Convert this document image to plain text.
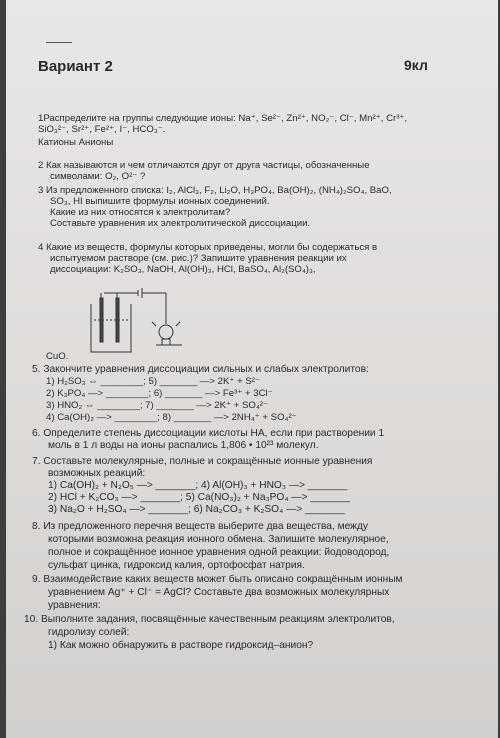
Вариант 2	9кл
1Распределите на группы следующие ионы: Na⁺, Se²⁻, Zn²⁺, NO₂⁻, Cl⁻, Mn²⁺, Cr³⁺,
SiO₃²⁻, Sr²⁺, Fe²⁺, I⁻, HCO₃⁻.
Катионы Анионы
2 Как называются и чем отличаются друг от друга частицы, обозначенные
символами: O₂, O²⁻ ?
3 Из предложенного списка: I₂, AlCl₃, F₂, Li₂O, H₃PO₄, Ba(OH)₂, (NH₄)₂SO₄, BaO,
SO₃, HI выпишите формулы ионных соединений.
Какие из них относятся к электролитам?
Составьте уравнения их электролитической диссоциации.
4 Какие из веществ, формулы которых приведены, могли бы содержаться в
испытуемом растворе (см. рис.)? Запишите уравнения реакции их
диссоциации: K₂SO₃, NaOH, Al(OH)₃, HCl, BaSO₄, Al₂(SO₄)₃,
CuO.
5. Закончите уравнения диссоциации сильных и слабых электролитов:
1) H₂SO₃ ⇔ ________; 5) _______ —> 2K⁺ + S²⁻
2) K₃PO₄ —> ________; 6) _______ —> Fe³⁺ + 3Cl⁻
3) HNO₂ ⇔ ________; 7) _______ —> 2K⁺ + SO₄²⁻
4) Ca(OH)₂ —> ________; 8) _______ —> 2NH₄⁺ + SO₄²⁻
6. Определите степень диссоциации кислоты HA, если при растворении 1
моль в 1 л воды на ионы распались 1,806 • 10²³ молекул.
7. Составьте молекулярные, полные и сокращённые ионные уравнения
возможных реакций:
1) Ca(OH)₂ + N₂O₅ —> _______; 4) Al(OH)₃ + HNO₃ —> _______
2) HCl + K₂CO₃ —> _______; 5) Ca(NO₃)₂ + Na₃PO₄ —> _______
3) Na₂O + H₂SO₄ —> _______; 6) Na₂CO₃ + K₂SO₄ —> _______
8. Из предложенного перечня веществ выберите два вещества, между
которыми возможна реакция ионного обмена. Запишите молекулярное,
полное и сокращённое ионное уравнения одной реакции: йодоводород,
сульфат цинка, гидроксид калия, ортофосфат натрия.
9. Взаимодействие каких веществ может быть описано сокращённым ионным
уравнением Ag⁺ + Cl⁻ = AgCl? Составьте два возможных молекулярных
уравнения:
10. Выполните задания, посвящённые качественным реакциям электролитов,
гидролизу солей:
1) Как можно обнаружить в растворе гидроксид–анион?
